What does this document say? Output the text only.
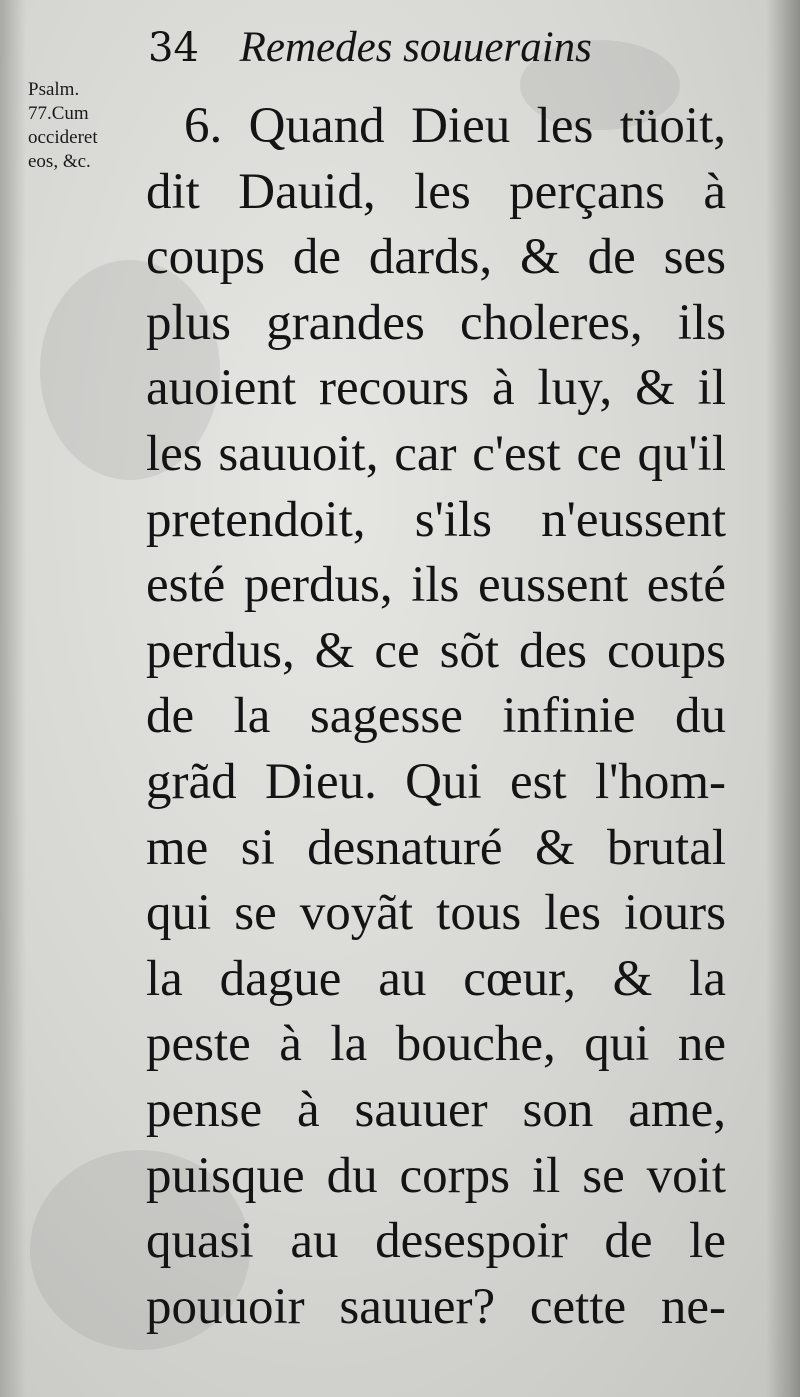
34 Remedes souuerains
Psalm.
77.Cum
occideret
eos, &c.
6. Quand Dieu les tüoit,
dit Dauid, les perçans à
coups de dards, & de ses
plus grandes choleres, ils
auoient recours à luy, & il
les sauuoit, car c'est ce qu'il
pretendoit, s'ils n'eussent
esté perdus, ils eussent esté
perdus, & ce sõt des coups
de la sagesse infinie du
grãd Dieu. Qui est l'hom-
me si desnaturé & brutal
qui se voyãt tous les iours
la dague au cœur, & la
peste à la bouche, qui ne
pense à sauuer son ame,
puisque du corps il se voit
quasi au desespoir de le
pouuoir sauuer? cette ne-
